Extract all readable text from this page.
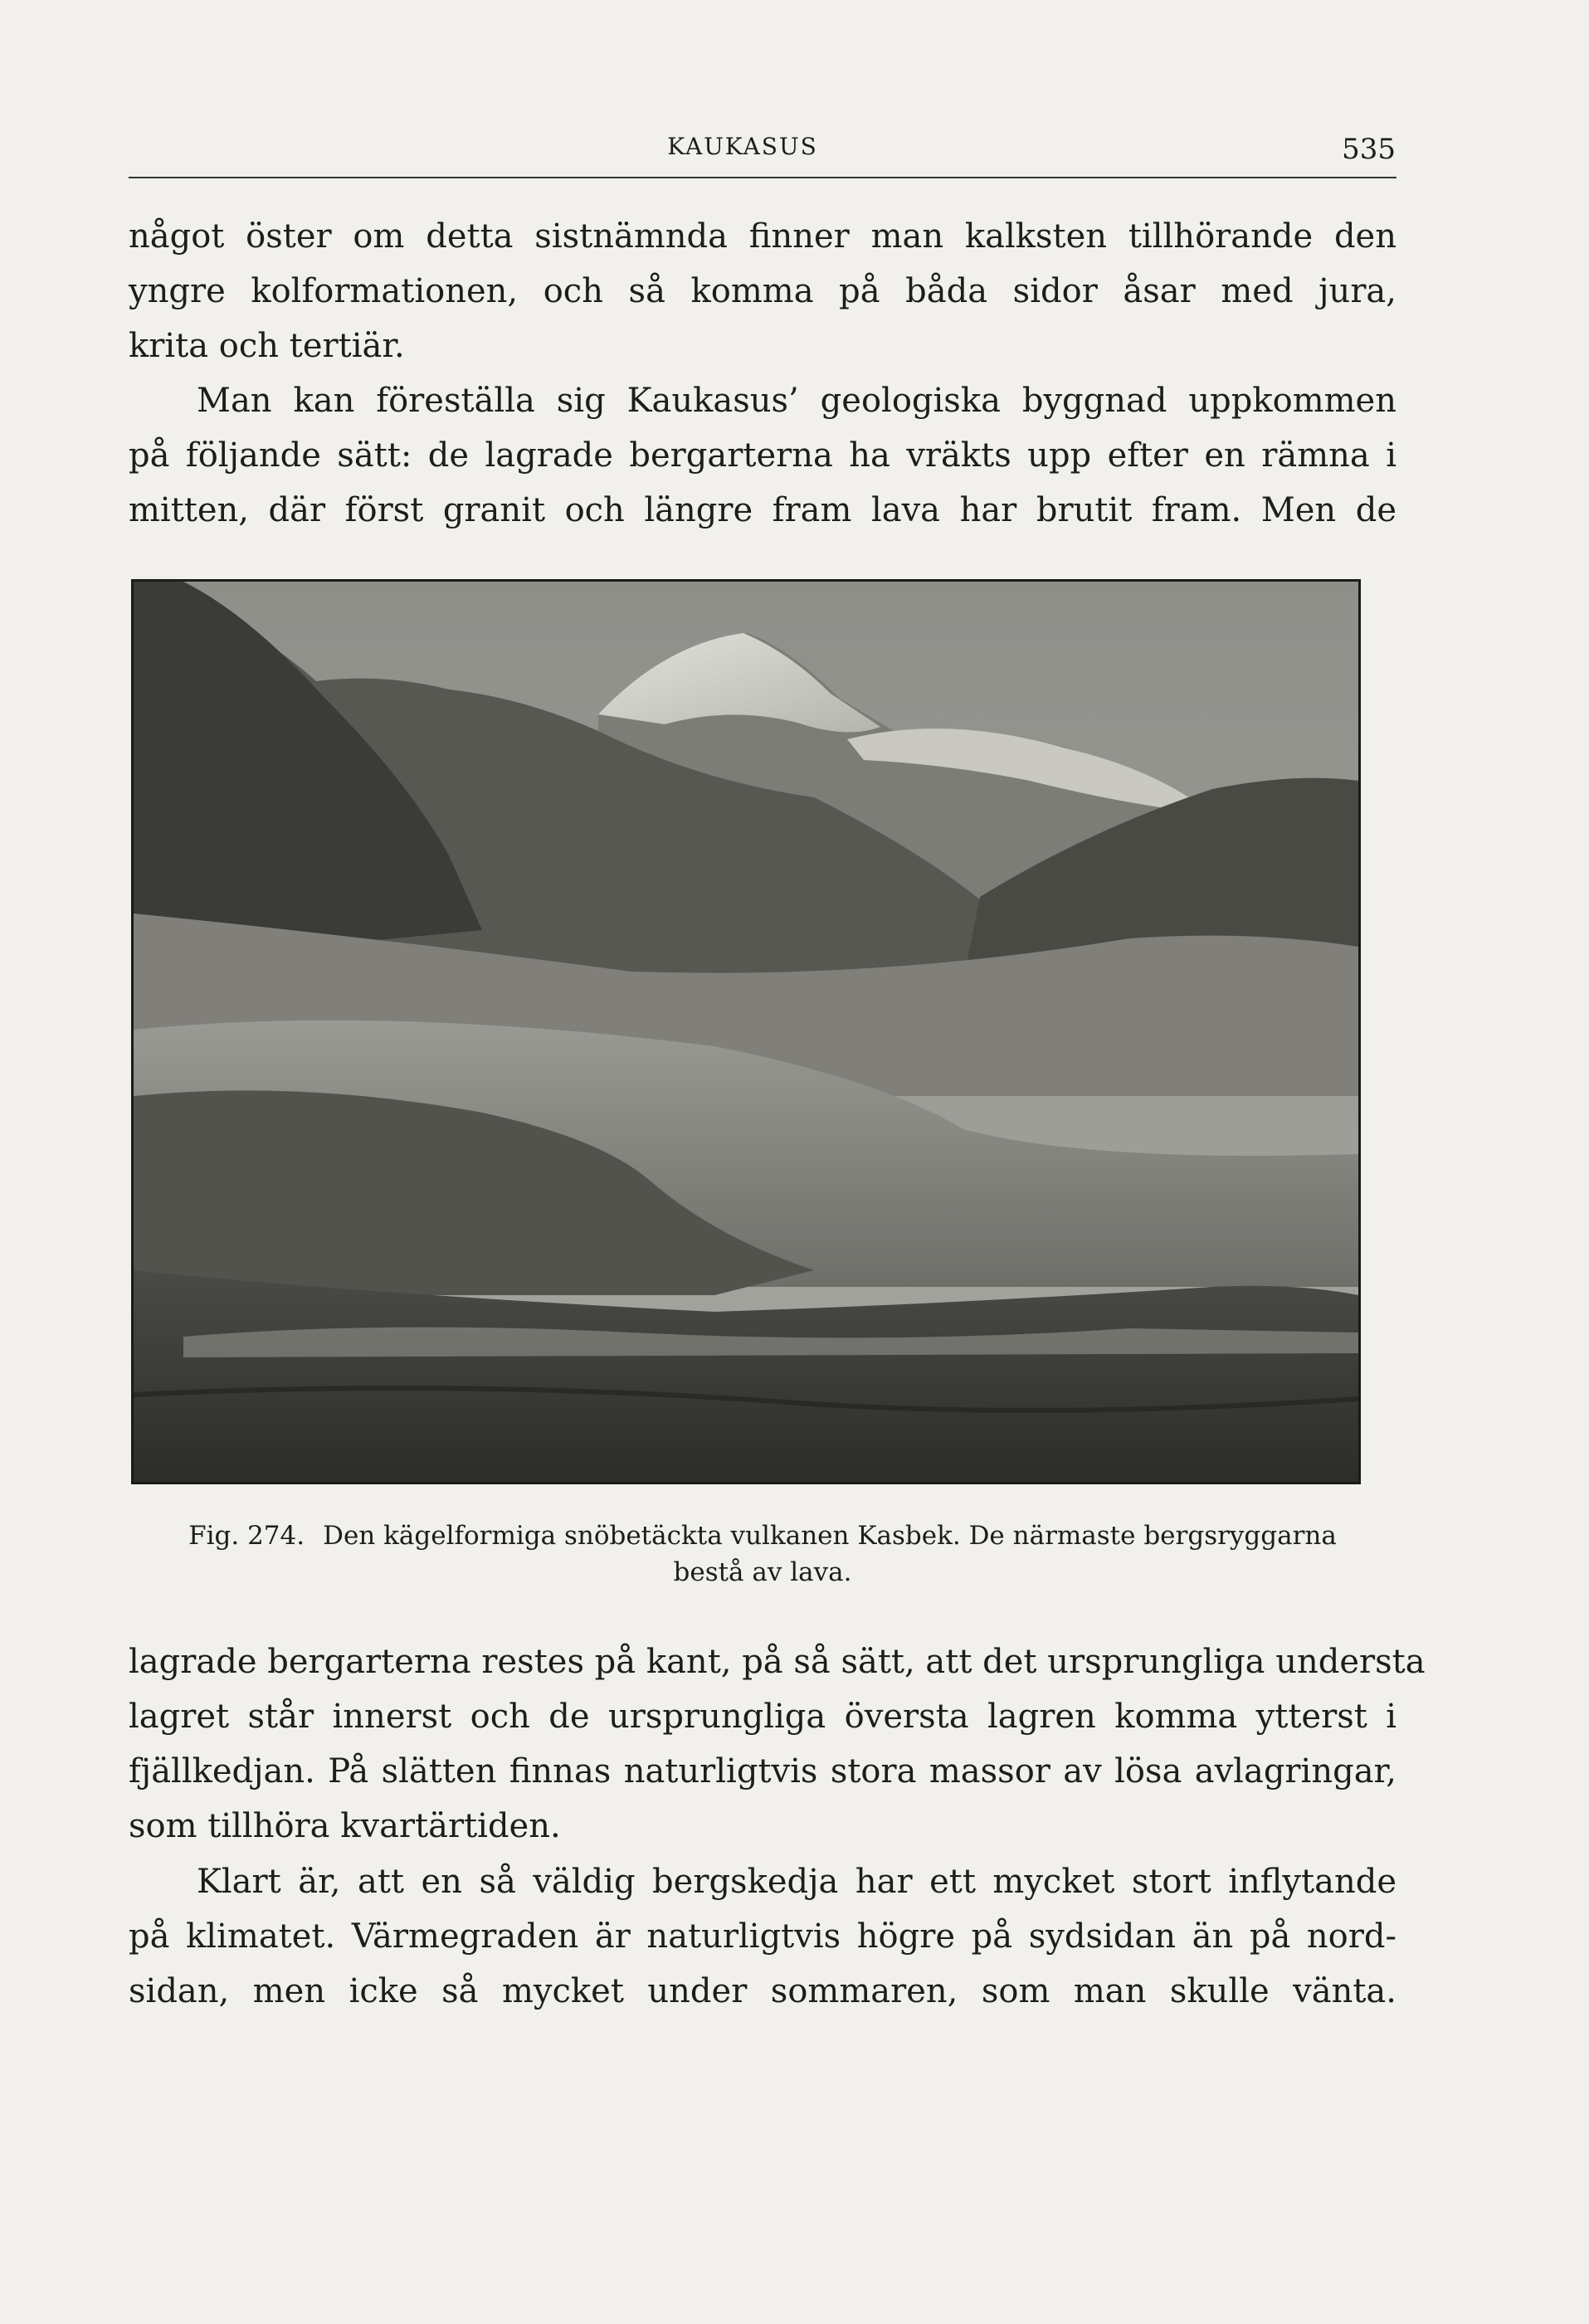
KAUKASUS	535
något öster om detta sistnämnda finner man kalksten tillhörande den
yngre kolformationen, och så komma på båda sidor åsar med jura,
krita och tertiär.
Man kan föreställa sig Kaukasus’ geologiska byggnad uppkommen
på följande sätt: de lagrade bergarterna ha vräkts upp efter en rämna i
mitten, där först granit och längre fram lava har brutit fram. Men de
Fig. 274. Den kägelformiga snöbetäckta vulkanen Kasbek. De närmaste bergsryggarna
bestå av lava.
lagrade bergarterna restes på kant, på så sätt, att det ursprungliga understa
lagret står innerst och de ursprungliga översta lagren komma ytterst i
fjällkedjan. På slätten finnas naturligtvis stora massor av lösa avlagringar,
som tillhöra kvartärtiden.
Klart är, att en så väldig bergskedja har ett mycket stort inflytande
på klimatet. Värmegraden är naturligtvis högre på sydsidan än på nord-
sidan, men icke så mycket under sommaren, som man skulle vänta.
